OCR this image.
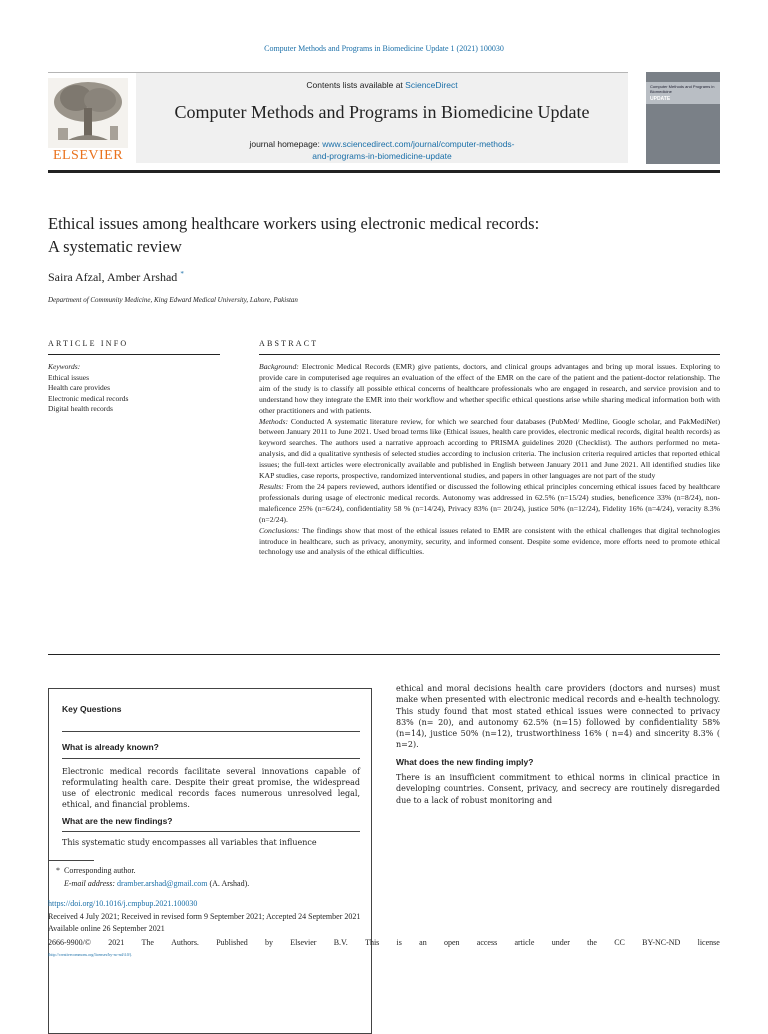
Computer Methods and Programs in Biomedicine Update 1 (2021) 100030
ELSEVIER
Contents lists available at ScienceDirect
Computer Methods and Programs in Biomedicine Update
journal homepage: www.sciencedirect.com/journal/computer-methods-
and-programs-in-biomedicine-update
Computer Methods and Programs in Biomedicine
UPDATE
Ethical issues among healthcare workers using electronic medical records:
A systematic review
Saira Afzal, Amber Arshad *
Department of Community Medicine, King Edward Medical University, Lahore, Pakistan
ARTICLE INFO	ABSTRACT
Keywords:
Ethical issues
Health care provides
Electronic medical records
Digital health records

Background: Electronic Medical Records (EMR) give patients, doctors, and clinical groups advantages and bring up moral issues. Exploring to provide care in computerised age requires an evaluation of the effect of the EMR on the care of the patient and the patient-doctor relationship. The aim of the study is to classify all possible ethical concerns of healthcare professionals who are engaged in research, and service provision and to understand how they integrate the EMR into their workflow and whether specific ethical questions arise while sharing medical information both with other practitioners and with patients.

Methods: Conducted A systematic literature review, for which we searched four databases (PubMed/ Medline, Google scholar, and PakMediNet) between January 2011 to June 2021. Used broad terms like (Ethical issues, health care provides, electronic medical records, digital health records) as keyword searches. The authors used a narrative approach according to PRISMA guidelines 2020 (Checklist). The authors performed no meta-analysis, and did a qualitative synthesis of selected studies according to inclusion criteria. The inclusion criteria required articles that reported ethical issues; the full-text articles were electronically available and published in English between January 2011 and June 2021. All identified studies like KAP studies, case reports, prospective, randomized interventional studies, and papers in other languages are not part of the study

Results: From the 24 papers reviewed, authors identified or discussed the following ethical principles concerning ethical issues faced by healthcare professionals during usage of electronic medical records. Autonomy was addressed in 62.5% (n=15/24) studies, beneficence 33% (n=8/24), non-maleficence 25% (n=6/24), confidentiality 58 % (n=14/24), Privacy 83% (n= 20/24), justice 50% (n=12/24), Fidelity 16% (n=4/24), veracity 8.3% (n=2/24).

Conclusions: The findings show that most of the ethical issues related to EMR are consistent with the ethical challenges that digital technologies introduce in healthcare, such as privacy, anonymity, security, and informed consent. Despite some evidence, more efforts need to promote ethical technology use and analysis of the ethical difficulties.

Key Questions
What is already known?

Electronic medical records facilitate several innovations capable of reformulating health care. Despite their great promise, the widespread use of electronic medical records faces numerous unresolved legal, ethical, and financial problems.

What are the new findings?

This systematic study encompasses all variables that influence

ethical and moral decisions health care providers (doctors and nurses) must make when presented with electronic medical records and e-health technology. This study found that most stated ethical issues were connected to privacy 83% (n= 20), and autonomy 62.5% (n=15) followed by confidentiality 58% (n=14), justice 50% (n=12), trustworthiness 16% ( n=4) and sincerity 8.3% ( n=2).

What does the new finding imply?

There is an insufficient commitment to ethical norms in clinical practice in developing countries. Consent, privacy, and secrecy are routinely disregarded due to a lack of robust monitoring and

* Corresponding author.
E-mail address: dramber.arshad@gmail.com (A. Arshad).
https://doi.org/10.1016/j.cmpbup.2021.100030
Received 4 July 2021; Received in revised form 9 September 2021; Accepted 24 September 2021
Available online 26 September 2021
2666-9900/© 2021 The Authors. Published by Elsevier B.V. This is an open access article under the CC BY-NC-ND license
(http://creativecommons.org/licenses/by-nc-nd/4.0/).
